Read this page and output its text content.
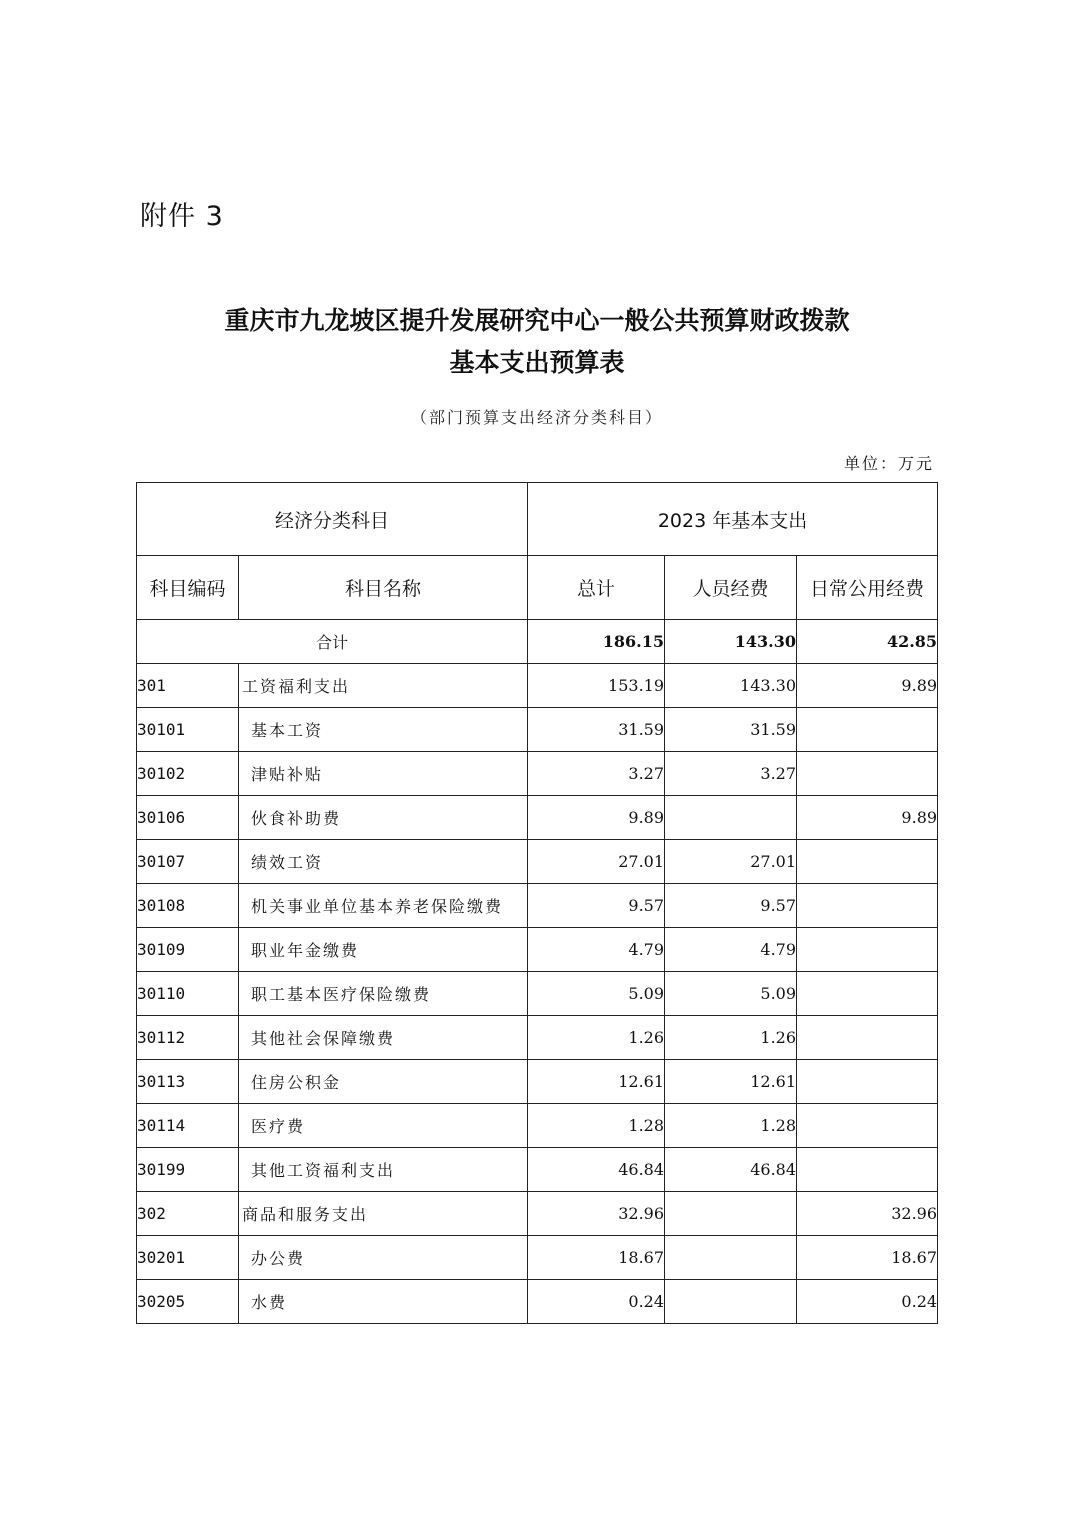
附件 3
重庆市九龙坡区提升发展研究中心一般公共预算财政拨款
基本支出预算表
（部门预算支出经济分类科目）
单位：万元
经济分类科目		2023 年基本支出		
科目编码	科目名称	总计	人员经费	日常公用经费
合计		186.15	143.30	42.85
301	工资福利支出	153.19	143.30	9.89
30101	基本工资	31.59	31.59	
30102	津贴补贴	3.27	3.27	
30106	伙食补助费	9.89		9.89
30107	绩效工资	27.01	27.01	
30108	机关事业单位基本养老保险缴费	9.57	9.57	
30109	职业年金缴费	4.79	4.79	
30110	职工基本医疗保险缴费	5.09	5.09	
30112	其他社会保障缴费	1.26	1.26	
30113	住房公积金	12.61	12.61	
30114	医疗费	1.28	1.28	
30199	其他工资福利支出	46.84	46.84	
302	商品和服务支出	32.96		32.96
30201	办公费	18.67		18.67
30205	水费	0.24		0.24
